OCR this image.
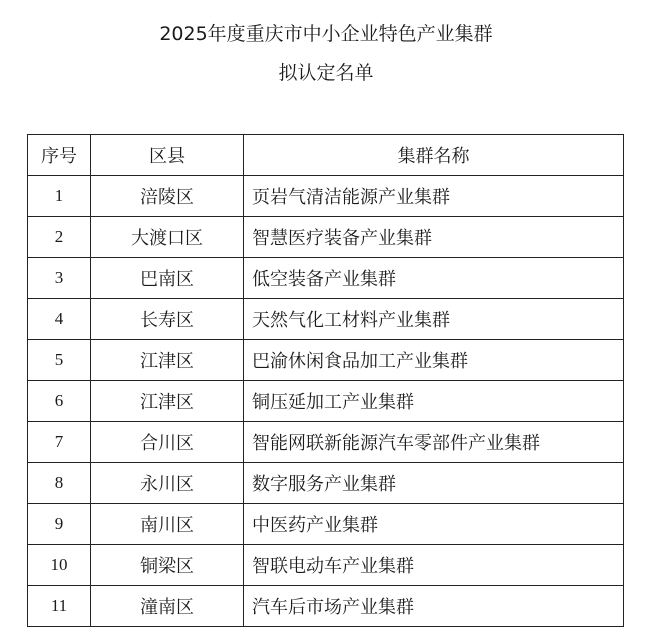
2025年度重庆市中小企业特色产业集群
拟认定名单
序号	区县	集群名称
1	涪陵区	页岩气清洁能源产业集群
2	大渡口区	智慧医疗装备产业集群
3	巴南区	低空装备产业集群
4	长寿区	天然气化工材料产业集群
5	江津区	巴渝休闲食品加工产业集群
6	江津区	铜压延加工产业集群
7	合川区	智能网联新能源汽车零部件产业集群
8	永川区	数字服务产业集群
9	南川区	中医药产业集群
10	铜梁区	智联电动车产业集群
11	潼南区	汽车后市场产业集群
